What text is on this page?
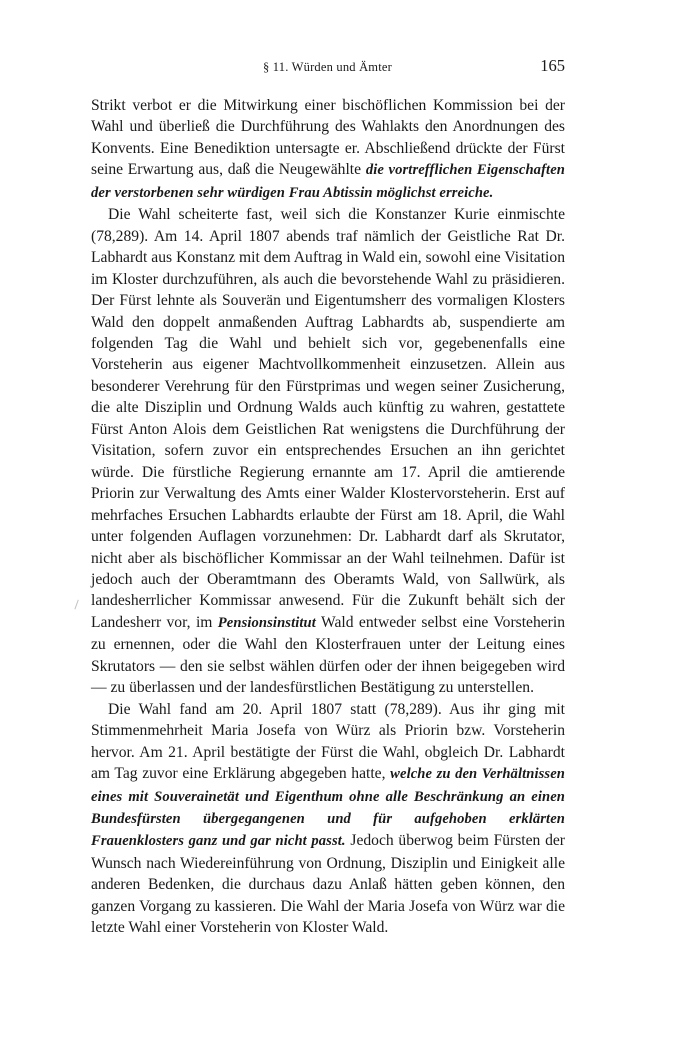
§ 11. Würden und Ämter	165

Strikt verbot er die Mitwirkung einer bischöflichen Kommission bei der Wahl und überließ die Durchführung des Wahlakts den Anordnungen des Konvents. Eine Benediktion untersagte er. Abschließend drückte der Fürst seine Erwartung aus, daß die Neugewählte die vortrefflichen Eigenschaften der verstorbenen sehr würdigen Frau Abtissin möglichst erreiche.

Die Wahl scheiterte fast, weil sich die Konstanzer Kurie einmischte (78,289). Am 14. April 1807 abends traf nämlich der Geistliche Rat Dr. Labhardt aus Konstanz mit dem Auftrag in Wald ein, sowohl eine Visitation im Kloster durchzuführen, als auch die bevorstehende Wahl zu präsidieren. Der Fürst lehnte als Souverän und Eigentumsherr des vormaligen Klosters Wald den doppelt anmaßenden Auftrag Labhardts ab, suspendierte am folgenden Tag die Wahl und behielt sich vor, gegebenenfalls eine Vorsteherin aus eigener Machtvollkommenheit einzusetzen. Allein aus besonderer Verehrung für den Fürstprimas und wegen seiner Zusicherung, die alte Disziplin und Ordnung Walds auch künftig zu wahren, gestattete Fürst Anton Alois dem Geistlichen Rat wenigstens die Durchführung der Visitation, sofern zuvor ein entsprechendes Ersuchen an ihn gerichtet würde. Die fürstliche Regierung ernannte am 17. April die amtierende Priorin zur Verwaltung des Amts einer Walder Klostervorsteherin. Erst auf mehrfaches Ersuchen Labhardts erlaubte der Fürst am 18. April, die Wahl unter folgenden Auflagen vorzunehmen: Dr. Labhardt darf als Skrutator, nicht aber als bischöflicher Kommissar an der Wahl teilnehmen. Dafür ist jedoch auch der Oberamtmann des Oberamts Wald, von Sallwürk, als landesherrlicher Kommissar anwesend. Für die Zukunft behält sich der Landesherr vor, im Pensionsinstitut Wald entweder selbst eine Vorsteherin zu ernennen, oder die Wahl den Klosterfrauen unter der Leitung eines Skrutators — den sie selbst wählen dürfen oder der ihnen beigegeben wird — zu überlassen und der landesfürstlichen Bestätigung zu unterstellen.

Die Wahl fand am 20. April 1807 statt (78,289). Aus ihr ging mit Stimmenmehrheit Maria Josefa von Würz als Priorin bzw. Vorsteherin hervor. Am 21. April bestätigte der Fürst die Wahl, obgleich Dr. Labhardt am Tag zuvor eine Erklärung abgegeben hatte, welche zu den Verhältnissen eines mit Souverainetät und Eigenthum ohne alle Beschränkung an einen Bundesfürsten übergegangenen und für aufgehoben erklärten Frauenklosters ganz und gar nicht passt. Jedoch überwog beim Fürsten der Wunsch nach Wiedereinführung von Ordnung, Disziplin und Einigkeit alle anderen Bedenken, die durchaus dazu Anlaß hätten geben können, den ganzen Vorgang zu kassieren. Die Wahl der Maria Josefa von Würz war die letzte Wahl einer Vorsteherin von Kloster Wald.
